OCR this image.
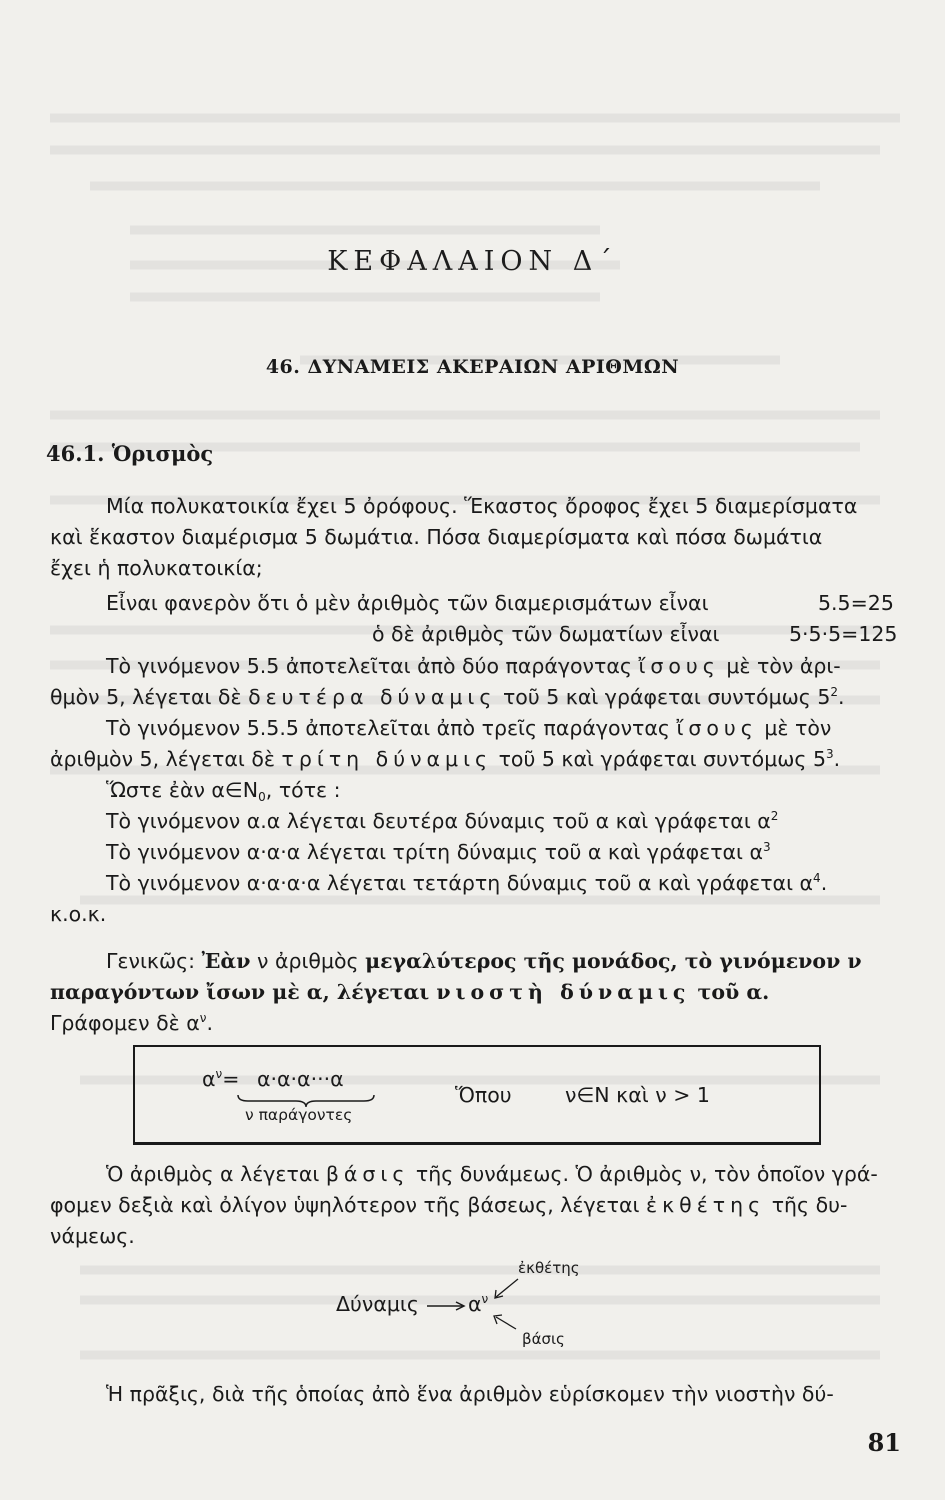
ΚΕΦΑΛΑΙΟΝ Δ΄
46. ΔΥΝΑΜΕΙΣ ΑΚΕΡΑΙΩΝ ΑΡΙΘΜΩΝ
46.1. Ὁρισμὸς
Μία πολυκατοικία ἔχει 5 ὀρόφους. Ἕκαστος ὄροφος ἔχει 5 διαμερίσματα
καὶ ἕκαστον διαμέρισμα 5 δωμάτια. Πόσα διαμερίσματα καὶ πόσα δωμάτια
ἔχει ἡ πολυκατοικία;
Εἶναι φανερὸν ὅτι ὁ μὲν ἀριθμὸς τῶν διαμερισμάτων εἶναι	5.5=25
ὁ δὲ ἀριθμὸς τῶν δωματίων εἶναι	5·5·5=125
Τὸ γινόμενον 5.5 ἀποτελεῖται ἀπὸ δύο παράγοντας ἴσους μὲ τὸν ἀρι-
θμὸν 5, λέγεται δὲ δευτέρα δύναμις τοῦ 5 καὶ γράφεται συντόμως $5^2$.
Τὸ γινόμενον 5.5.5 ἀποτελεῖται ἀπὸ τρεῖς παράγοντας ἴσους μὲ τὸν
ἀριθμὸν 5, λέγεται δὲ τρίτη δύναμις τοῦ 5 καὶ γράφεται συντόμως $5^3$.
Ὥστε ἐὰν $\alpha\in N_0$, τότε :
Τὸ γινόμενον α.α λέγεται δευτέρα δύναμις τοῦ α καὶ γράφεται $\alpha^2$
Τὸ γινόμενον α·α·α λέγεται τρίτη δύναμις τοῦ α καὶ γράφεται $\alpha^3$
Τὸ γινόμενον α·α·α·α λέγεται τετάρτη δύναμις τοῦ α καὶ γράφεται $\alpha^4$.
κ.ο.κ.
Γενικῶς: Ἐὰν ν ἀριθμὸς μεγαλύτερος τῆς μονάδος, τὸ γινόμενον ν
παραγόντων ἴσων μὲ α, λέγεται νιοστὴ δύναμις τοῦ α.
Γράφομεν δὲ $\alpha^\nu$.
$\alpha^\nu= \alpha\cdot\alpha\cdot\alpha\cdot\cdot\cdot\alpha$
ν παράγοντες
Ὅπου	ν∈N καὶ ν > 1
Ὁ ἀριθμὸς α λέγεται βάσις τῆς δυνάμεως. Ὁ ἀριθμὸς ν, τὸν ὁποῖον γρά-
φομεν δεξιὰ καὶ ὀλίγον ὑψηλότερον τῆς βάσεως, λέγεται ἐκθέτης τῆς δυ-
νάμεως.
ἐκθέτης
Δύναμις $\alpha^\nu$
βάσις
Ἡ πρᾶξις, διὰ τῆς ὁποίας ἀπὸ ἕνα ἀριθμὸν εὑρίσκομεν τὴν νιοστὴν δύ-
81
